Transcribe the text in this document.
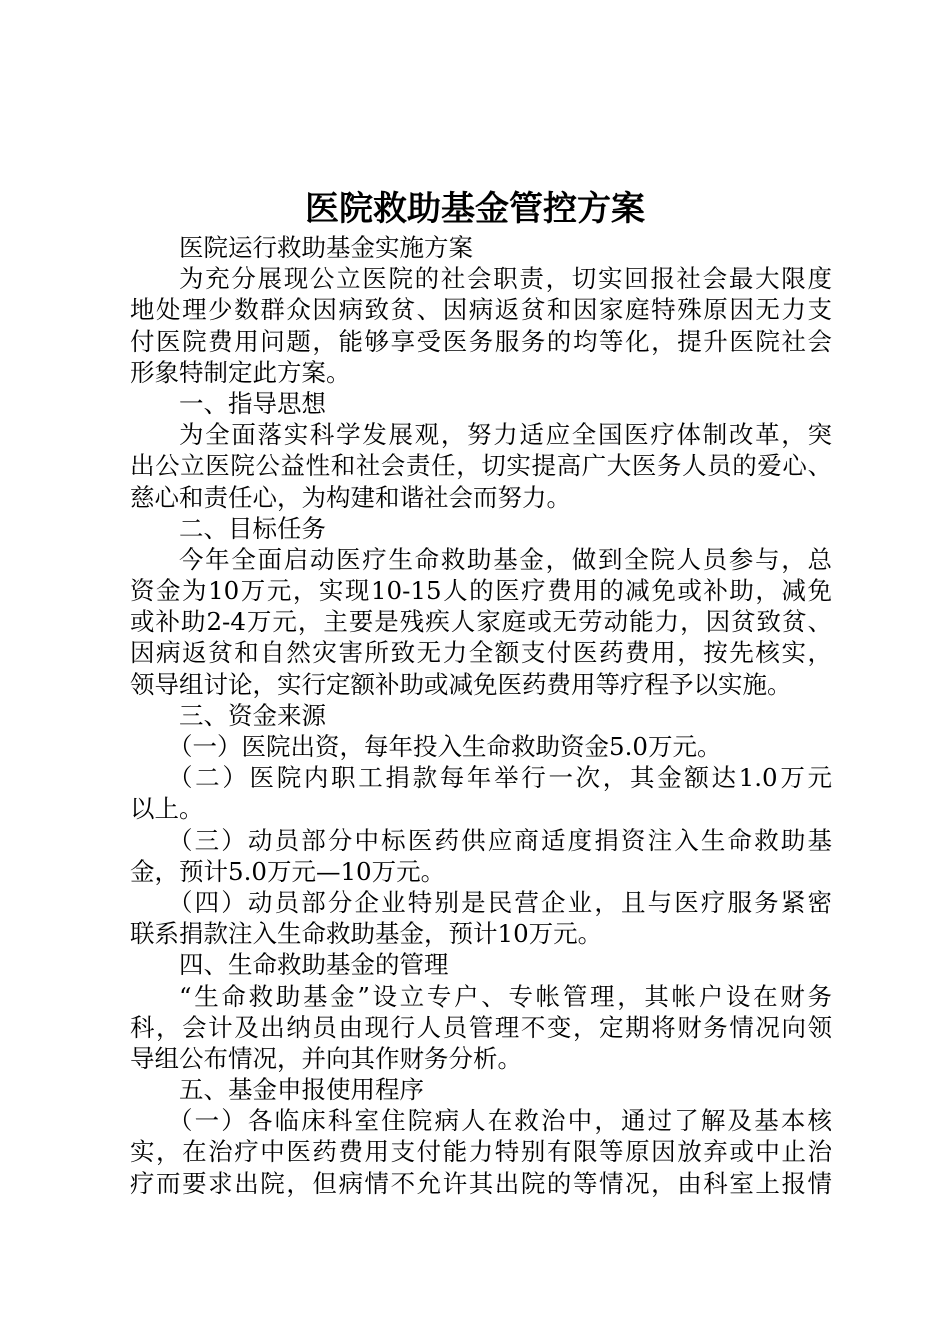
医院救助基金管控方案
医院运行救助基金实施方案
为充分展现公立医院的社会职责，切实回报社会最大限度
地处理少数群众因病致贫、因病返贫和因家庭特殊原因无力支
付医院费用问题，能够享受医务服务的均等化，提升医院社会
形象特制定此方案。
一、指导思想
为全面落实科学发展观，努力适应全国医疗体制改革，突
出公立医院公益性和社会责任，切实提高广大医务人员的爱心、
慈心和责任心，为构建和谐社会而努力。
二、目标任务
今年全面启动医疗生命救助基金，做到全院人员参与，总
资金为10万元，实现10-15人的医疗费用的减免或补助，减免
或补助2-4万元，主要是残疾人家庭或无劳动能力，因贫致贫、
因病返贫和自然灾害所致无力全额支付医药费用，按先核实，
领导组讨论，实行定额补助或减免医药费用等疗程予以实施。
三、资金来源
（一）医院出资，每年投入生命救助资金5.0万元。
（二）医院内职工捐款每年举行一次，其金额达1.0万元
以上。
（三）动员部分中标医药供应商适度捐资注入生命救助基
金，预计5.0万元—10万元。
（四）动员部分企业特别是民营企业，且与医疗服务紧密
联系捐款注入生命救助基金，预计10万元。
四、生命救助基金的管理
“生命救助基金”设立专户、专帐管理，其帐户设在财务
科，会计及出纳员由现行人员管理不变，定期将财务情况向领
导组公布情况，并向其作财务分析。
五、基金申报使用程序
（一）各临床科室住院病人在救治中，通过了解及基本核
实，在治疗中医药费用支付能力特别有限等原因放弃或中止治
疗而要求出院，但病情不允许其出院的等情况，由科室上报情
